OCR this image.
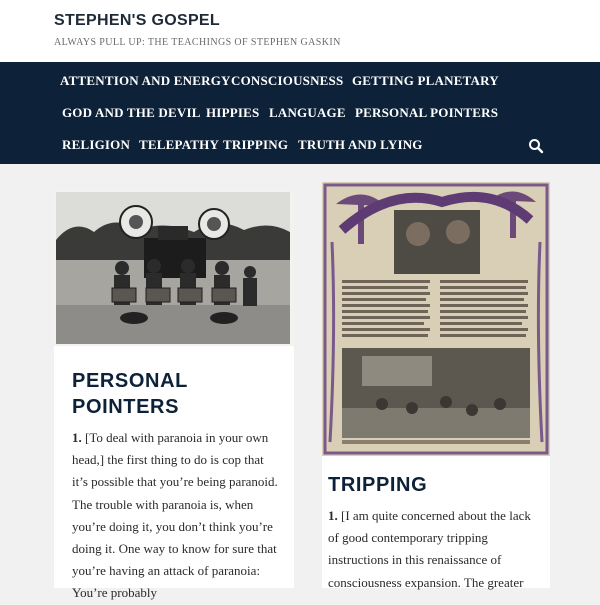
STEPHEN'S GOSPEL
ALWAYS PULL UP: THE TEACHINGS OF STEPHEN GASKIN
ATTENTION AND ENERGY CONSCIOUSNESS GETTING PLANETARY
GOD AND THE DEVIL HIPPIES LANGUAGE PERSONAL POINTERS
RELIGION TELEPATHY TRIPPING TRUTH AND LYING
PERSONAL POINTERS
1. [To deal with paranoia in your own head,] the first thing to do is cop that it’s possible that you’re being paranoid. The trouble with paranoia is, when you’re doing it, you don’t think you’re doing it. One way to know for sure that you’re having an attack of paranoia: You’re probably
TRIPPING
1. [I am quite concerned about the lack of good contemporary tripping instructions in this renaissance of consciousness expansion. The greater
